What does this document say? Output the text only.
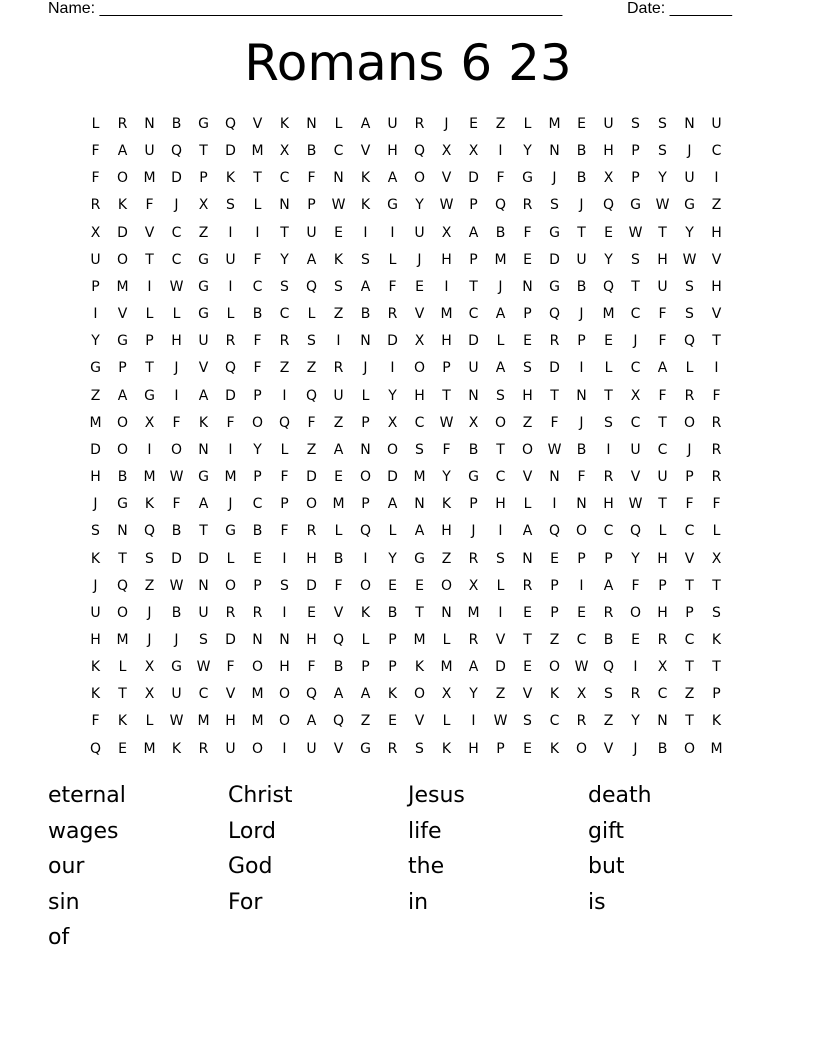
Name: ____________________________________________________	Date: _______
Romans 6 23
L	R	N	B	G	Q	V	K	N	L	A	U	R	J	E	Z	L	M	E	U	S	S	N	U
F	A	U	Q	T	D	M	X	B	C	V	H	Q	X	X	I	Y	N	B	H	P	S	J	C
F	O	M	D	P	K	T	C	F	N	K	A	O	V	D	F	G	J	B	X	P	Y	U	I
R	K	F	J	X	S	L	N	P	W	K	G	Y	W	P	Q	R	S	J	Q	G	W	G	Z
X	D	V	C	Z	I	I	T	U	E	I	I	U	X	A	B	F	G	T	E	W	T	Y	H
U	O	T	C	G	U	F	Y	A	K	S	L	J	H	P	M	E	D	U	Y	S	H	W	V
P	M	I	W	G	I	C	S	Q	S	A	F	E	I	T	J	N	G	B	Q	T	U	S	H
I	V	L	L	G	L	B	C	L	Z	B	R	V	M	C	A	P	Q	J	M	C	F	S	V
Y	G	P	H	U	R	F	R	S	I	N	D	X	H	D	L	E	R	P	E	J	F	Q	T
G	P	T	J	V	Q	F	Z	Z	R	J	I	O	P	U	A	S	D	I	L	C	A	L	I
Z	A	G	I	A	D	P	I	Q	U	L	Y	H	T	N	S	H	T	N	T	X	F	R	F
M	O	X	F	K	F	O	Q	F	Z	P	X	C	W	X	O	Z	F	J	S	C	T	O	R
D	O	I	O	N	I	Y	L	Z	A	N	O	S	F	B	T	O	W	B	I	U	C	J	R
H	B	M	W	G	M	P	F	D	E	O	D	M	Y	G	C	V	N	F	R	V	U	P	R
J	G	K	F	A	J	C	P	O	M	P	A	N	K	P	H	L	I	N	H	W	T	F	F
S	N	Q	B	T	G	B	F	R	L	Q	L	A	H	J	I	A	Q	O	C	Q	L	C	L
K	T	S	D	D	L	E	I	H	B	I	Y	G	Z	R	S	N	E	P	P	Y	H	V	X
J	Q	Z	W	N	O	P	S	D	F	O	E	E	O	X	L	R	P	I	A	F	P	T	T
U	O	J	B	U	R	R	I	E	V	K	B	T	N	M	I	E	P	E	R	O	H	P	S
H	M	J	J	S	D	N	N	H	Q	L	P	M	L	R	V	T	Z	C	B	E	R	C	K
K	L	X	G	W	F	O	H	F	B	P	P	K	M	A	D	E	O	W	Q	I	X	T	T
K	T	X	U	C	V	M	O	Q	A	A	K	O	X	Y	Z	V	K	X	S	R	C	Z	P
F	K	L	W	M	H	M	O	A	Q	Z	E	V	L	I	W	S	C	R	Z	Y	N	T	K
Q	E	M	K	R	U	O	I	U	V	G	R	S	K	H	P	E	K	O	V	J	B	O	M
eternal	Christ	Jesus	death
wages	Lord	life	gift
our	God	the	but
sin	For	in	is
of
